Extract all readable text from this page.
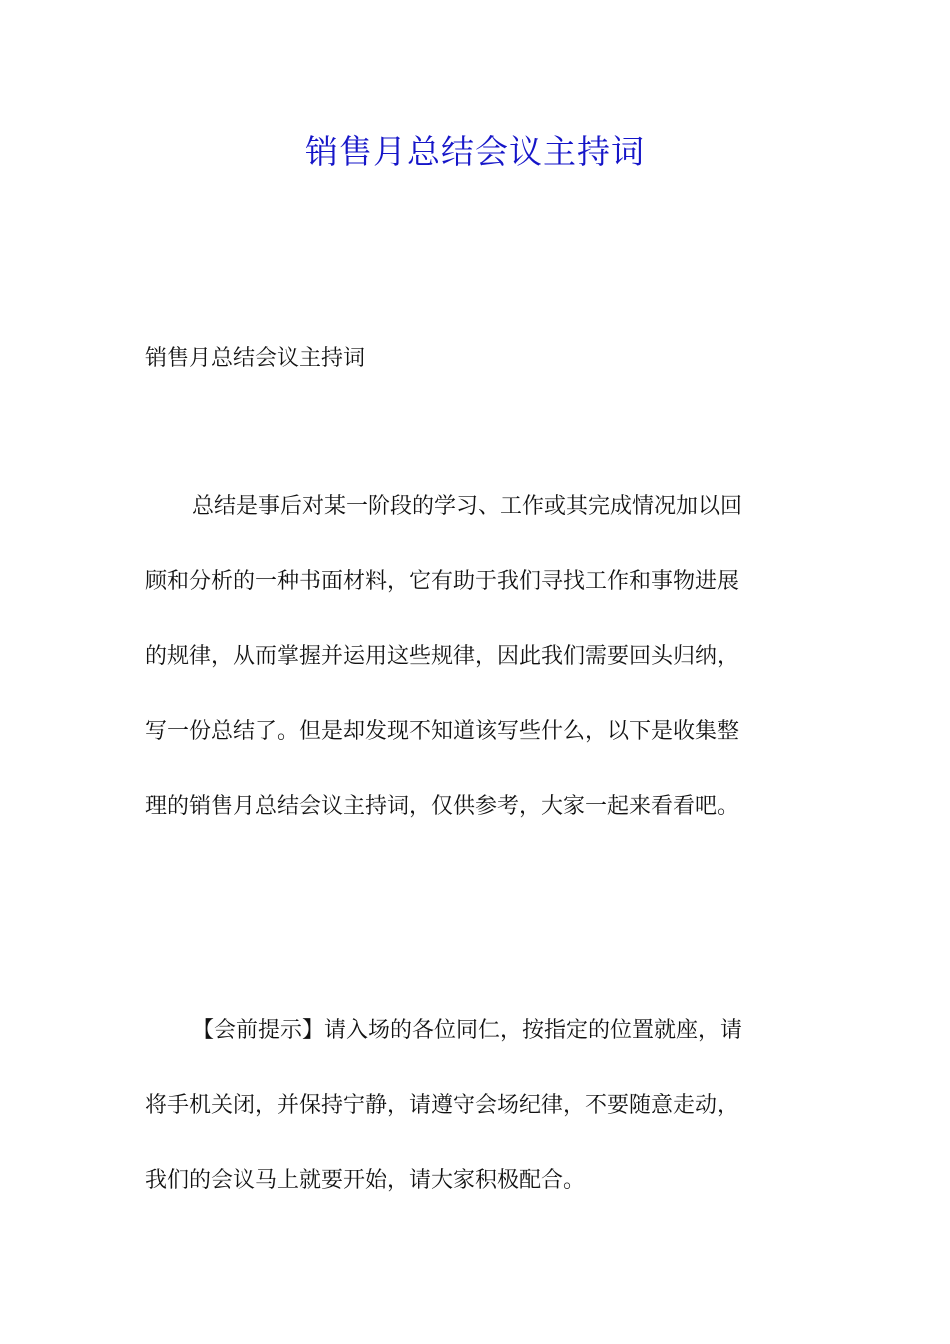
销售月总结会议主持词
销售月总结会议主持词
总结是事后对某一阶段的学习、工作或其完成情况加以回
顾和分析的一种书面材料，它有助于我们寻找工作和事物进展
的规律，从而掌握并运用这些规律，因此我们需要回头归纳，
写一份总结了。但是却发现不知道该写些什么，以下是收集整
理的销售月总结会议主持词，仅供参考，大家一起来看看吧。
【会前提示】请入场的各位同仁，按指定的位置就座，请
将手机关闭，并保持宁静，请遵守会场纪律，不要随意走动，
我们的会议马上就要开始，请大家积极配合。
